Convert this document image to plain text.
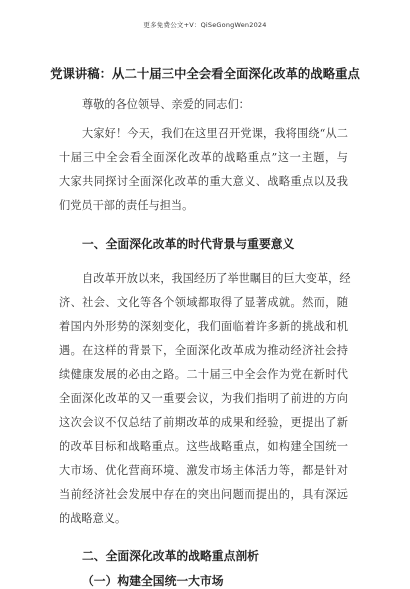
更多免费公文+V：QiSeGongWen2024
党课讲稿：从二十届三中全会看全面深化改革的战略重点
尊敬的各位领导、亲爱的同志们：
大家好！今天，我们在这里召开党课，我将围绕“从二
十届三中全会看全面深化改革的战略重点”这一主题，与
大家共同探讨全面深化改革的重大意义、战略重点以及我
们党员干部的责任与担当。
一、全面深化改革的时代背景与重要意义
自改革开放以来，我国经历了举世瞩目的巨大变革，经
济、社会、文化等各个领域都取得了显著成就。然而，随
着国内外形势的深刻变化，我们面临着许多新的挑战和机
遇。在这样的背景下，全面深化改革成为推动经济社会持
续健康发展的必由之路。二十届三中全会作为党在新时代
全面深化改革的又一重要会议，为我们指明了前进的方向
这次会议不仅总结了前期改革的成果和经验，更提出了新
的改革目标和战略重点。这些战略重点，如构建全国统一
大市场、优化营商环境、激发市场主体活力等，都是针对
当前经济社会发展中存在的突出问题而提出的，具有深远
的战略意义。
二、全面深化改革的战略重点剖析
（一）构建全国统一大市场
